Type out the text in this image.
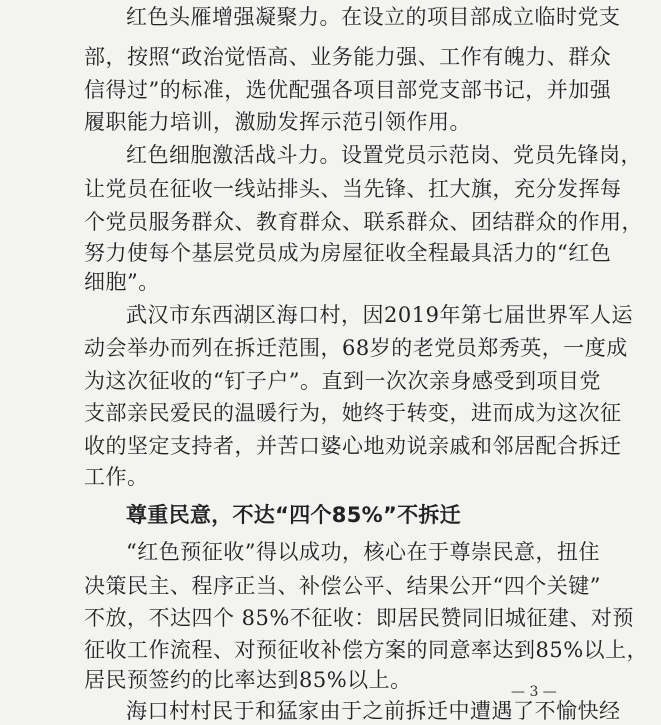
红色头雁增强凝聚力。在设立的项目部成立临时党支
部，按照“政治觉悟高、业务能力强、工作有魄力、群众
信得过”的标准，选优配强各项目部党支部书记，并加强
履职能力培训，激励发挥示范引领作用。
红色细胞激活战斗力。设置党员示范岗、党员先锋岗，
让党员在征收一线站排头、当先锋、扛大旗，充分发挥每
个党员服务群众、教育群众、联系群众、团结群众的作用，
努力使每个基层党员成为房屋征收全程最具活力的“红色
细胞”。
武汉市东西湖区海口村，因2019年第七届世界军人运
动会举办而列在拆迁范围，68岁的老党员郑秀英，一度成
为这次征收的“钉子户”。直到一次次亲身感受到项目党
支部亲民爱民的温暖行为，她终于转变，进而成为这次征
收的坚定支持者，并苦口婆心地劝说亲戚和邻居配合拆迁
工作。
尊重民意，不达“四个85%”不拆迁
“红色预征收”得以成功，核心在于尊崇民意，扭住
决策民主、程序正当、补偿公平、结果公开“四个关键”
不放，不达四个 85%不征收：即居民赞同旧城征建、对预
征收工作流程、对预征收补偿方案的同意率达到85%以上，
居民预签约的比率达到85%以上。
海口村村民于和猛家由于之前拆迁中遭遇了不愉快经
— 3 —
